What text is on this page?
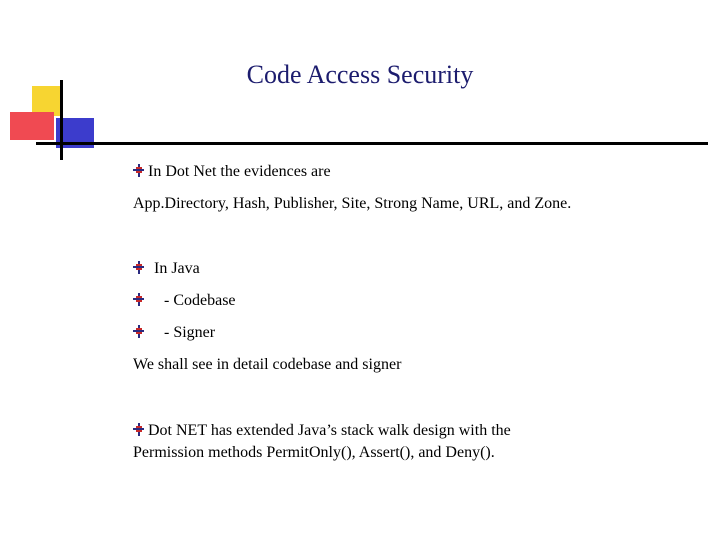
Code Access Security
In Dot Net the evidences are
App.Directory, Hash, Publisher, Site, Strong Name, URL, and Zone.
In Java
- Codebase
- Signer
We shall see in detail codebase and signer
Dot NET has extended Java’s stack walk design with the
Permission methods PermitOnly(), Assert(), and Deny().
